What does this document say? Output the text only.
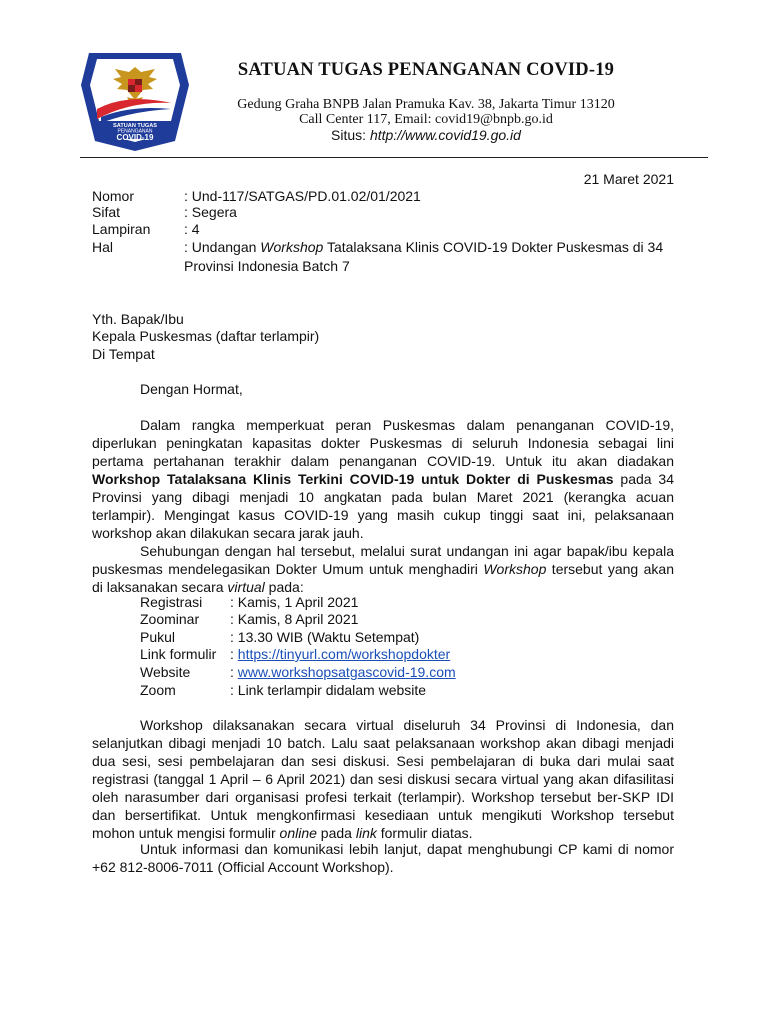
SATUAN TUGAS
PENANGANAN
COVID-19
SATUAN TUGAS PENANGANAN COVID-19
Gedung Graha BNPB Jalan Pramuka Kav. 38, Jakarta Timur 13120
Call Center 117, Email: covid19@bnpb.go.id
Situs: http://www.covid19.go.id
21 Maret 2021
Nomor	: Und-117/SATGAS/PD.01.02/01/2021
Sifat	: Segera
Lampiran : 4
Hal	: Undangan Workshop Tatalaksana Klinis COVID-19 Dokter Puskesmas di 34
Provinsi Indonesia Batch 7
Yth. Bapak/Ibu
Kepala Puskesmas (daftar terlampir)
Di Tempat
Dengan Hormat,
Dalam rangka memperkuat peran Puskesmas dalam penanganan COVID-19,
diperlukan peningkatan kapasitas dokter Puskesmas di seluruh Indonesia sebagai lini
pertama pertahanan terakhir dalam penanganan COVID-19. Untuk itu akan diadakan
Workshop Tatalaksana Klinis Terkini COVID-19 untuk Dokter di Puskesmas pada 34
Provinsi yang dibagi menjadi 10 angkatan pada bulan Maret 2021 (kerangka acuan
terlampir). Mengingat kasus COVID-19 yang masih cukup tinggi saat ini, pelaksanaan
workshop akan dilakukan secara jarak jauh.
Sehubungan dengan hal tersebut, melalui surat undangan ini agar bapak/ibu kepala
puskesmas mendelegasikan Dokter Umum untuk menghadiri Workshop tersebut yang akan
di laksanakan secara virtual pada:
Registrasi : Kamis, 1 April 2021
Zoominar : Kamis, 8 April 2021
Pukul	: 13.30 WIB (Waktu Setempat)
Link formulir : https://tinyurl.com/workshopdokter
Website	: www.workshopsatgascovid-19.com
Zoom	: Link terlampir didalam website
Workshop dilaksanakan secara virtual diseluruh 34 Provinsi di Indonesia, dan
selanjutkan dibagi menjadi 10 batch. Lalu saat pelaksanaan workshop akan dibagi menjadi
dua sesi, sesi pembelajaran dan sesi diskusi. Sesi pembelajaran di buka dari mulai saat
registrasi (tanggal 1 April – 6 April 2021) dan sesi diskusi secara virtual yang akan difasilitasi
oleh narasumber dari organisasi profesi terkait (terlampir). Workshop tersebut ber-SKP IDI
dan bersertifikat. Untuk mengkonfirmasi kesediaan untuk mengikuti Workshop tersebut
mohon untuk mengisi formulir online pada link formulir diatas.
Untuk informasi dan komunikasi lebih lanjut, dapat menghubungi CP kami di nomor
+62 812-8006-7011 (Official Account Workshop).
